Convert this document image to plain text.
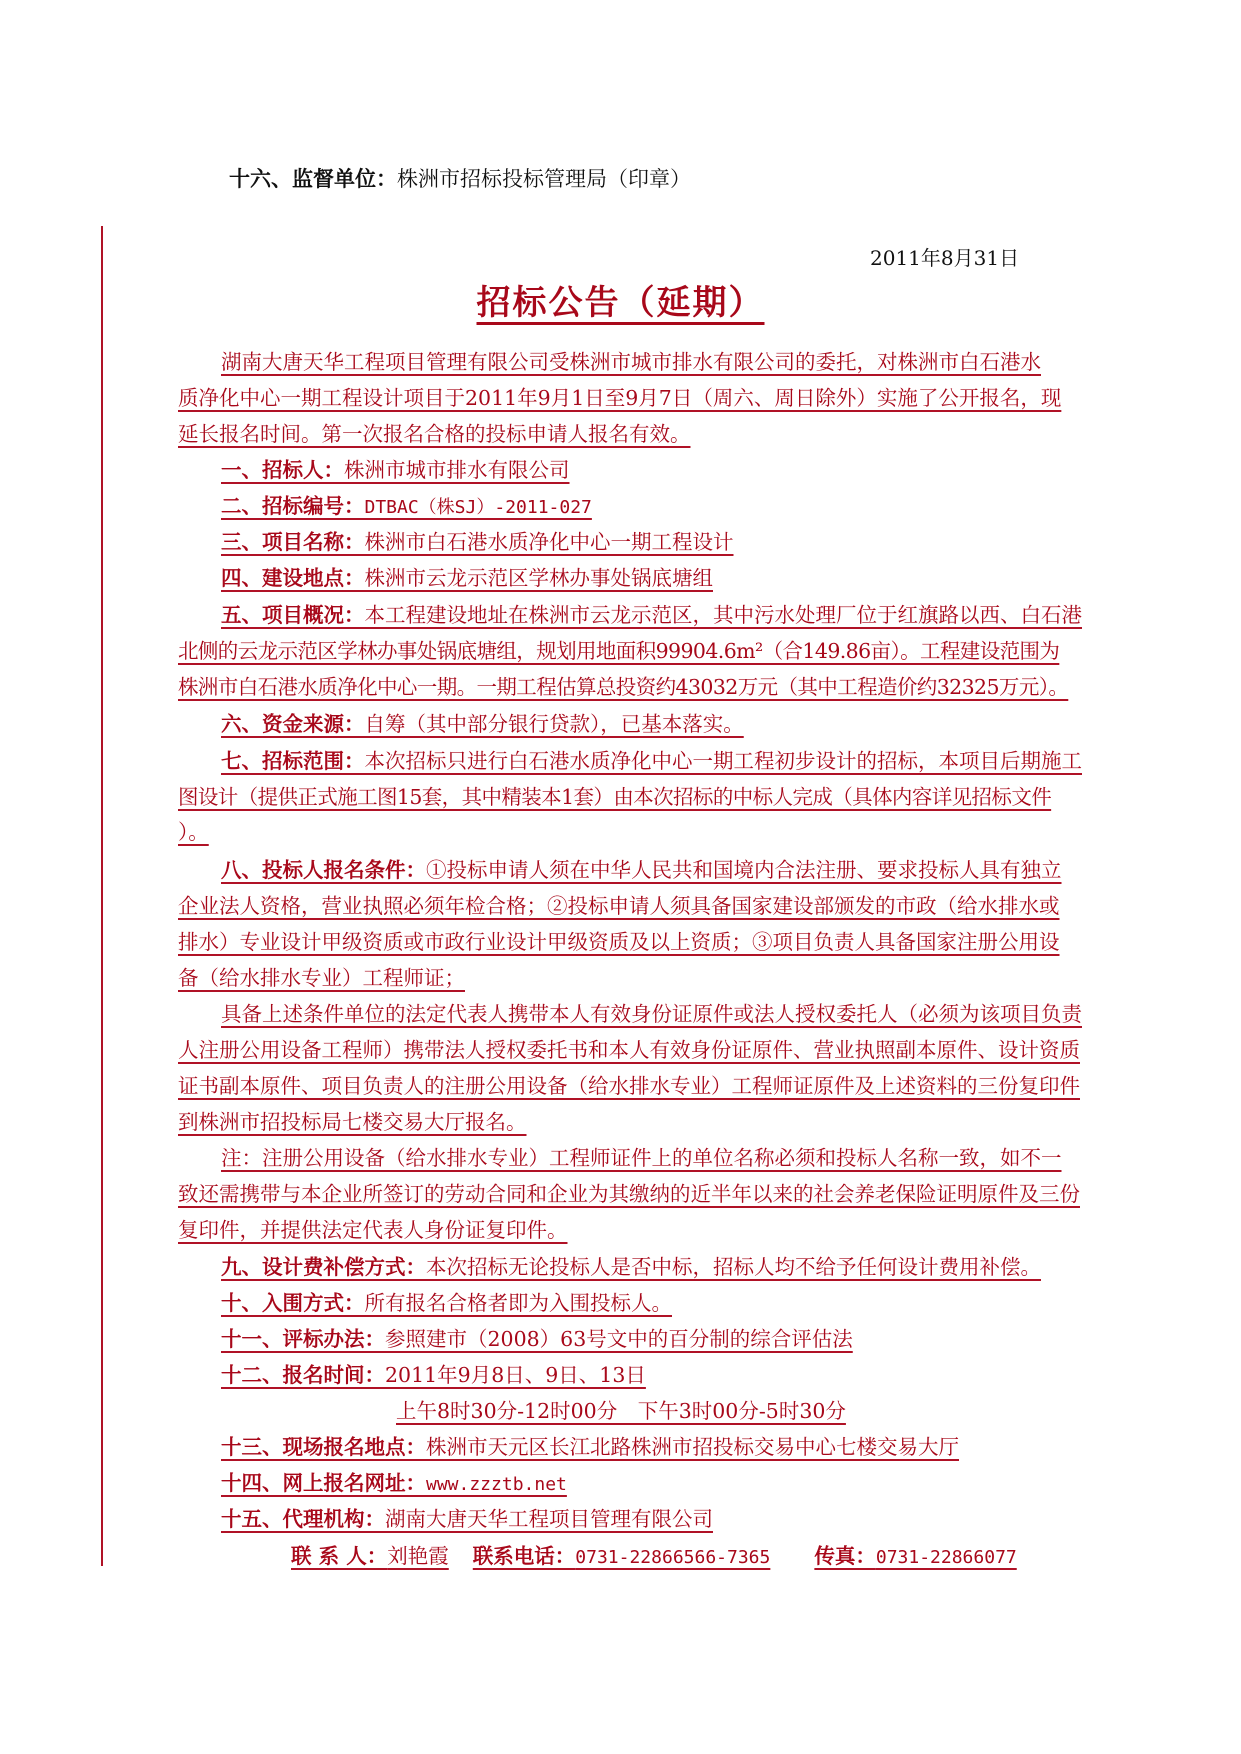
十六、监督单位：株洲市招标投标管理局（印章）
2011年8月31日
招标公告（延期）
湖南大唐天华工程项目管理有限公司受株洲市城市排水有限公司的委托，对株洲市白石港水
质净化中心一期工程设计项目于2011年9月1日至9月7日（周六、周日除外）实施了公开报名，现
延长报名时间。第一次报名合格的投标申请人报名有效。
一、招标人：株洲市城市排水有限公司
二、招标编号：DTBAC（株SJ）-2011-027
三、项目名称：株洲市白石港水质净化中心一期工程设计
四、建设地点：株洲市云龙示范区学林办事处锅底塘组
五、项目概况：本工程建设地址在株洲市云龙示范区，其中污水处理厂位于红旗路以西、白石港
北侧的云龙示范区学林办事处锅底塘组，规划用地面积99904.6m²（合149.86亩）。工程建设范围为
株洲市白石港水质净化中心一期。一期工程估算总投资约43032万元（其中工程造价约32325万元）。
六、资金来源：自筹（其中部分银行贷款），已基本落实。
七、招标范围：本次招标只进行白石港水质净化中心一期工程初步设计的招标，本项目后期施工
图设计（提供正式施工图15套，其中精装本1套）由本次招标的中标人完成（具体内容详见招标文件
）。
八、投标人报名条件：①投标申请人须在中华人民共和国境内合法注册、要求投标人具有独立
企业法人资格，营业执照必须年检合格；②投标申请人须具备国家建设部颁发的市政（给水排水或
排水）专业设计甲级资质或市政行业设计甲级资质及以上资质；③项目负责人具备国家注册公用设
备（给水排水专业）工程师证；
具备上述条件单位的法定代表人携带本人有效身份证原件或法人授权委托人（必须为该项目负责
人注册公用设备工程师）携带法人授权委托书和本人有效身份证原件、营业执照副本原件、设计资质
证书副本原件、项目负责人的注册公用设备（给水排水专业）工程师证原件及上述资料的三份复印件
到株洲市招投标局七楼交易大厅报名。
注：注册公用设备（给水排水专业）工程师证件上的单位名称必须和投标人名称一致，如不一
致还需携带与本企业所签订的劳动合同和企业为其缴纳的近半年以来的社会养老保险证明原件及三份
复印件，并提供法定代表人身份证复印件。
九、设计费补偿方式：本次招标无论投标人是否中标，招标人均不给予任何设计费用补偿。
十、入围方式：所有报名合格者即为入围投标人。
十一、评标办法：参照建市（2008）63号文中的百分制的综合评估法
十二、报名时间：2011年9月8日、9日、13日
上午8时30分-12时00分　下午3时00分-5时30分
十三、现场报名地点：株洲市天元区长江北路株洲市招投标交易中心七楼交易大厅
十四、网上报名网址：www.zzztb.net
十五、代理机构：湖南大唐天华工程项目管理有限公司
联 系 人：刘艳霞 联系电话：0731-22866566-7365 传真：0731-22866077
